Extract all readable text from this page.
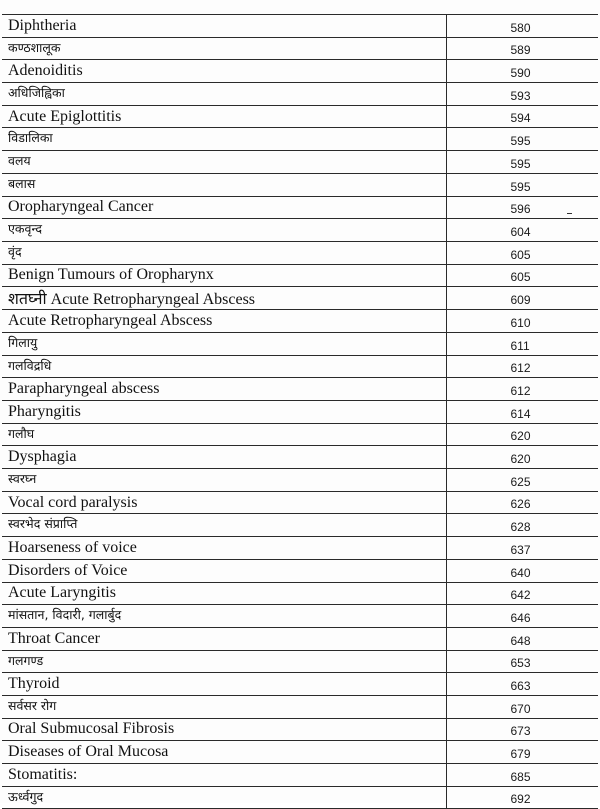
Diphtheria	580
कण्ठशालूक	589
Adenoiditis	590
अधिजिह्विका	593
Acute Epiglottitis	594
विडालिका	595
वलय	595
बलास	595
Oropharyngeal Cancer	596
एकवृन्द	604
वृंद	605
Benign Tumours of Oropharynx	605
शतघ्नी Acute Retropharyngeal Abscess	609
Acute Retropharyngeal Abscess	610
गिलायु	611
गलविद्रधि	612
Parapharyngeal abscess	612
Pharyngitis	614
गलौघ	620
Dysphagia	620
स्वरघ्न	625
Vocal cord paralysis	626
स्वरभेद संप्राप्ति	628
Hoarseness of voice	637
Disorders of Voice	640
Acute Laryngitis	642
मांसतान, विदारी, गलार्बुद	646
Throat Cancer	648
गलगण्ड	653
Thyroid	663
सर्वसर रोग	670
Oral Submucosal Fibrosis	673
Diseases of Oral Mucosa	679
Stomatitis:	685
ऊर्ध्वगुद	692
